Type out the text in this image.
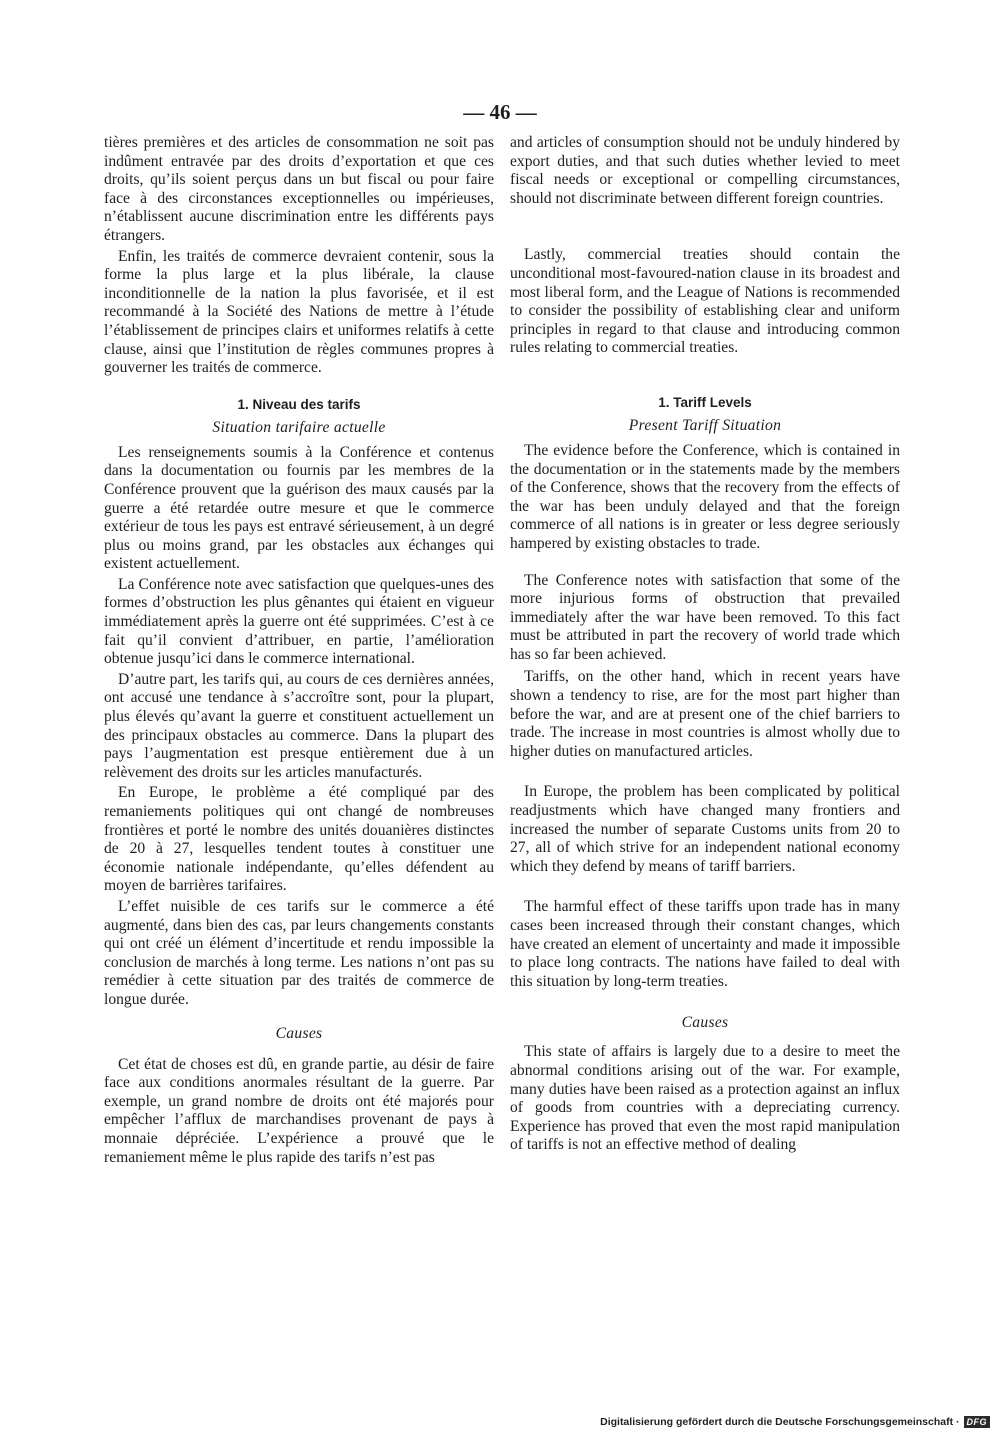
— 46 —

tières premières et des articles de consommation ne soit pas indûment entravée par des droits d’exportation et que ces droits, qu’ils soient perçus dans un but fiscal ou pour faire face à des circonstances exceptionnelles ou impérieuses, n’établissent aucune discrimination entre les différents pays étrangers.

Enfin, les traités de commerce devraient contenir, sous la forme la plus large et la plus libérale, la clause inconditionnelle de la nation la plus favorisée, et il est recommandé à la Société des Nations de mettre à l’étude l’établissement de principes clairs et uniformes relatifs à cette clause, ainsi que l’institution de règles communes propres à gouverner les traités de commerce.

1. Niveau des tarifs

Situation tarifaire actuelle

Les renseignements soumis à la Conférence et contenus dans la documentation ou fournis par les membres de la Conférence prouvent que la guérison des maux causés par la guerre a été retardée outre mesure et que le commerce extérieur de tous les pays est entravé sérieusement, à un degré plus ou moins grand, par les obstacles aux échanges qui existent actuellement.

La Conférence note avec satisfaction que quelques-unes des formes d’obstruction les plus gênantes qui étaient en vigueur immédiatement après la guerre ont été supprimées. C’est à ce fait qu’il convient d’attribuer, en partie, l’amélioration obtenue jusqu’ici dans le commerce international.

D’autre part, les tarifs qui, au cours de ces dernières années, ont accusé une tendance à s’accroître sont, pour la plupart, plus élevés qu’avant la guerre et constituent actuellement un des principaux obstacles au commerce. Dans la plupart des pays l’augmentation est presque entièrement due à un relèvement des droits sur les articles manufacturés.

En Europe, le problème a été compliqué par des remaniements politiques qui ont changé de nombreuses frontières et porté le nombre des unités douanières distinctes de 20 à 27, lesquelles tendent toutes à constituer une économie nationale indépendante, qu’elles défendent au moyen de barrières tarifaires.

L’effet nuisible de ces tarifs sur le commerce a été augmenté, dans bien des cas, par leurs changements constants qui ont créé un élément d’incertitude et rendu impossible la conclusion de marchés à long terme. Les nations n’ont pas su remédier à cette situation par des traités de commerce de longue durée.

Causes

Cet état de choses est dû, en grande partie, au désir de faire face aux conditions anormales résultant de la guerre. Par exemple, un grand nombre de droits ont été majorés pour empêcher l’afflux de marchandises provenant de pays à monnaie dépréciée. L’expérience a prouvé que le remaniement même le plus rapide des tarifs n’est pas

and articles of consumption should not be unduly hindered by export duties, and that such duties whether levied to meet fiscal needs or exceptional or compelling circumstances, should not discriminate between different foreign countries.

Lastly, commercial treaties should contain the unconditional most-favoured-nation clause in its broadest and most liberal form, and the League of Nations is recommended to consider the possibility of establishing clear and uniform principles in regard to that clause and introducing common rules relating to commercial treaties.

1. Tariff Levels

Present Tariff Situation

The evidence before the Conference, which is contained in the documentation or in the statements made by the members of the Conference, shows that the recovery from the effects of the war has been unduly delayed and that the foreign commerce of all nations is in greater or less degree seriously hampered by existing obstacles to trade.

The Conference notes with satisfaction that some of the more injurious forms of obstruction that prevailed immediately after the war have been removed. To this fact must be attributed in part the recovery of world trade which has so far been achieved.

Tariffs, on the other hand, which in recent years have shown a tendency to rise, are for the most part higher than before the war, and are at present one of the chief barriers to trade. The increase in most countries is almost wholly due to higher duties on manufactured articles.

In Europe, the problem has been complicated by political readjustments which have changed many frontiers and increased the number of separate Customs units from 20 to 27, all of which strive for an independent national economy which they defend by means of tariff barriers.

The harmful effect of these tariffs upon trade has in many cases been increased through their constant changes, which have created an element of uncertainty and made it impossible to place long contracts. The nations have failed to deal with this situation by long-term treaties.

Causes

This state of affairs is largely due to a desire to meet the abnormal conditions arising out of the war. For example, many duties have been raised as a protection against an influx of goods from countries with a depreciating currency. Experience has proved that even the most rapid manipulation of tariffs is not an effective method of dealing

Digitalisierung gefördert durch die Deutsche Forschungsgemeinschaft · DFG
